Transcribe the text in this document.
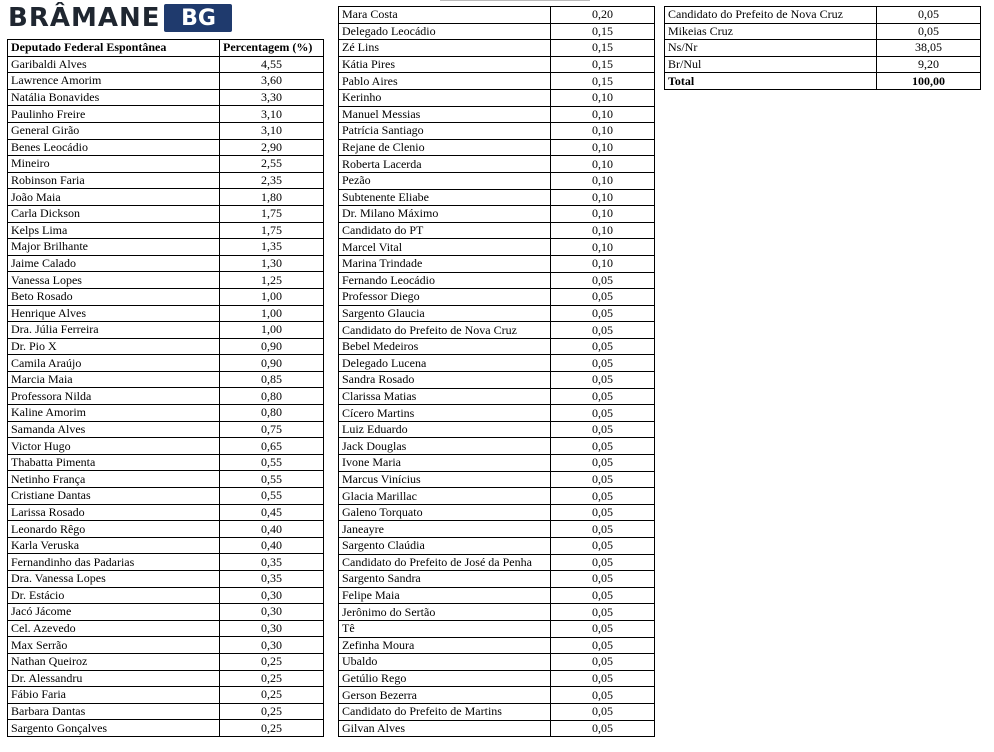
BRÂMANE BG
Deputado Federal Espontânea	Percentagem (%)
Garibaldi Alves	4,55
Lawrence Amorim	3,60
Natália Bonavides	3,30
Paulinho Freire	3,10
General Girão	3,10
Benes Leocádio	2,90
Mineiro	2,55
Robinson Faria	2,35
João Maia	1,80
Carla Dickson	1,75
Kelps Lima	1,75
Major Brilhante	1,35
Jaime Calado	1,30
Vanessa Lopes	1,25
Beto Rosado	1,00
Henrique Alves	1,00
Dra. Júlia Ferreira	1,00
Dr. Pio X	0,90
Camila Araújo	0,90
Marcia Maia	0,85
Professora Nilda	0,80
Kaline Amorim	0,80
Samanda Alves	0,75
Victor Hugo	0,65
Thabatta Pimenta	0,55
Netinho França	0,55
Cristiane Dantas	0,55
Larissa Rosado	0,45
Leonardo Rêgo	0,40
Karla Veruska	0,40
Fernandinho das Padarias	0,35
Dra. Vanessa Lopes	0,35
Dr. Estácio	0,30
Jacó Jácome	0,30
Cel. Azevedo	0,30
Max Serrão	0,30
Nathan Queiroz	0,25
Dr. Alessandru	0,25
Fábio Faria	0,25
Barbara Dantas	0,25
Sargento Gonçalves	0,25
Mara Costa	0,20
Delegado Leocádio	0,15
Zé Lins	0,15
Kátia Pires	0,15
Pablo Aires	0,15
Kerinho	0,10
Manuel Messias	0,10
Patrícia Santiago	0,10
Rejane de Clenio	0,10
Roberta Lacerda	0,10
Pezão	0,10
Subtenente Eliabe	0,10
Dr. Milano Máximo	0,10
Candidato do PT	0,10
Marcel Vital	0,10
Marina Trindade	0,10
Fernando Leocádio	0,05
Professor Diego	0,05
Sargento Glaucia	0,05
Candidato do Prefeito de Nova Cruz	0,05
Bebel Medeiros	0,05
Delegado Lucena	0,05
Sandra Rosado	0,05
Clarissa Matias	0,05
Cícero Martins	0,05
Luiz Eduardo	0,05
Jack Douglas	0,05
Ivone Maria	0,05
Marcus Vinícius	0,05
Glacia Marillac	0,05
Galeno Torquato	0,05
Janeayre	0,05
Sargento Claúdia	0,05
Candidato do Prefeito de José da Penha	0,05
Sargento Sandra	0,05
Felipe Maia	0,05
Jerônimo do Sertão	0,05
Tê	0,05
Zefinha Moura	0,05
Ubaldo	0,05
Getúlio Rego	0,05
Gerson Bezerra	0,05
Candidato do Prefeito de Martins	0,05
Gilvan Alves	0,05
Candidato do Prefeito de Nova Cruz	0,05
Mikeias Cruz	0,05
Ns/Nr	38,05
Br/Nul	9,20
Total	100,00
